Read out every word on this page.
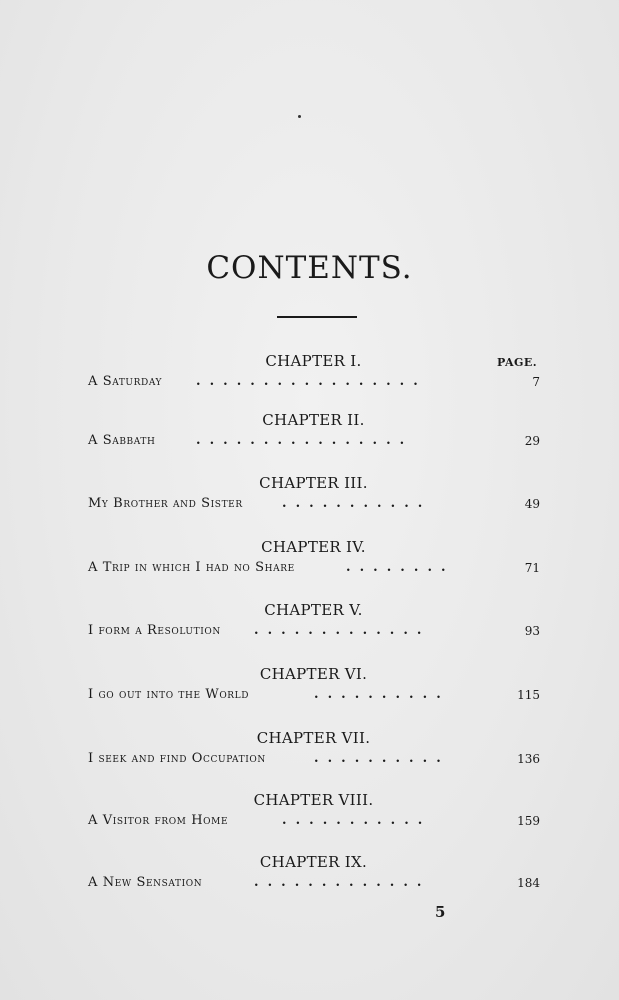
CONTENTS.
PAGE.
CHAPTER I.
A Saturday	.  .  .  .  .  .  .  .  .  .  .  .  .  .  .  .  .	7
CHAPTER II.
A Sabbath	.  .  .  .  .  .  .  .  .  .  .  .  .  .  .  .	29
CHAPTER III.
My Brother and Sister	.  .  .  .  .  .  .  .  .  .  .	49
CHAPTER IV.
A Trip in which I had no Share	.  .  .  .  .  .  .  .	71
CHAPTER V.
I form a Resolution	.  .  .  .  .  .  .  .  .  .  .  .  .	93
CHAPTER VI.
I go out into the World	.  .  .  .  .  .  .  .  .  .	115
CHAPTER VII.
I seek and find Occupation	.  .  .  .  .  .  .  .  .  .	136
CHAPTER VIII.
A Visitor from Home	.  .  .  .  .  .  .  .  .  .  .	159
CHAPTER IX.
A New Sensation	.  .  .  .  .  .  .  .  .  .  .  .  .	184
5
